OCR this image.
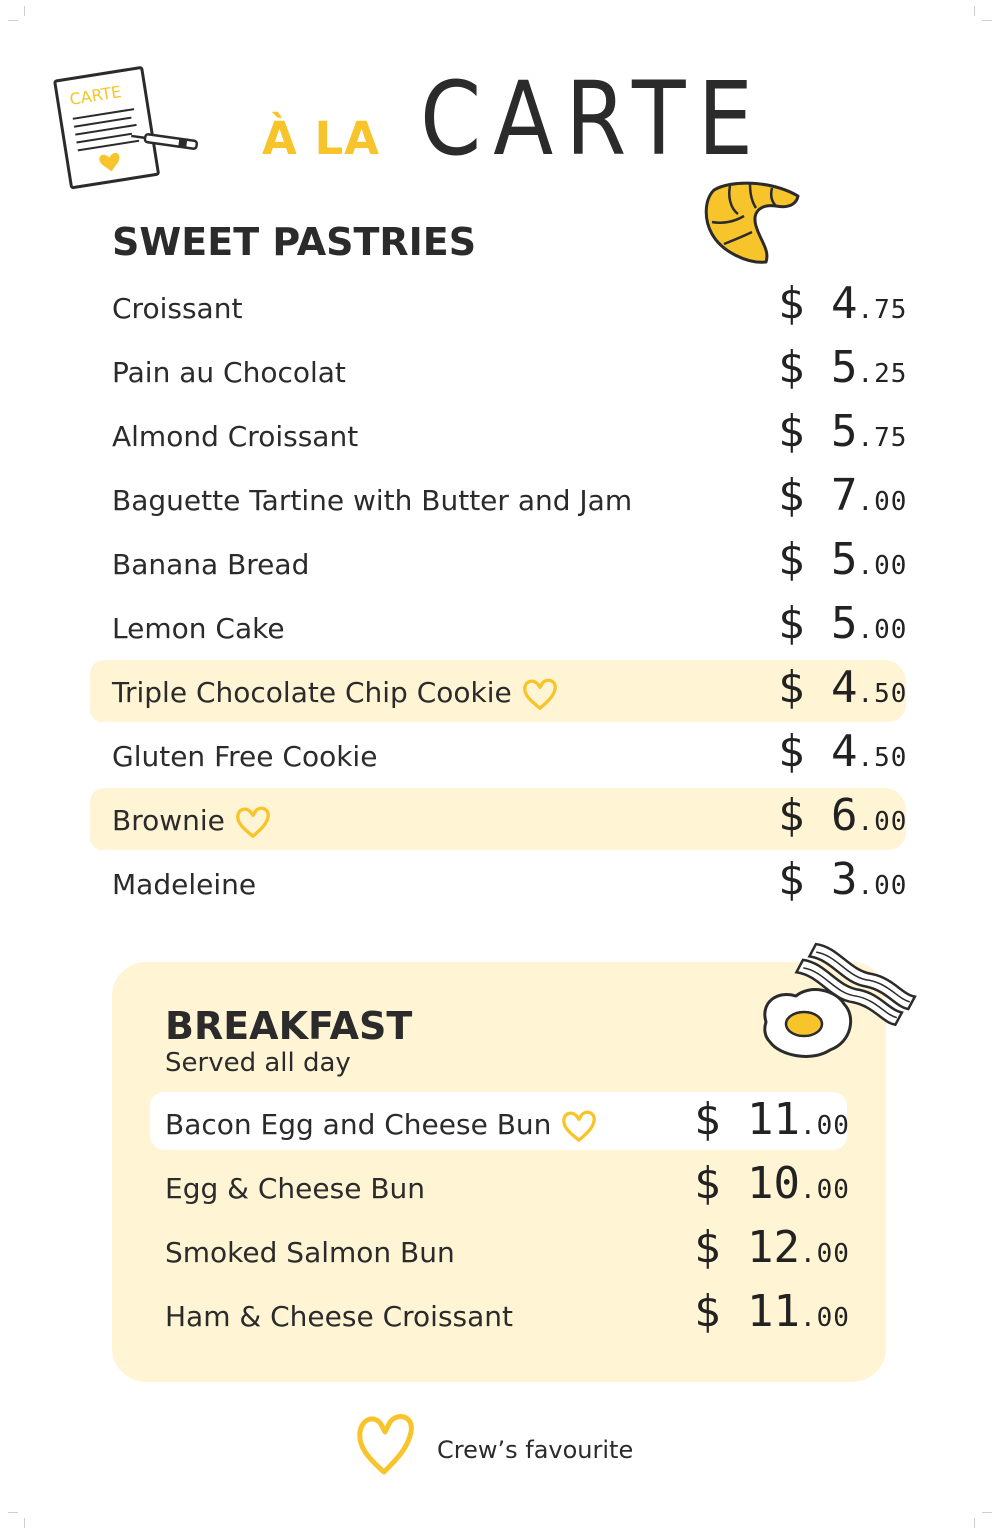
CARTE
À LA CARTE
SWEET PASTRIES
Croissant	$ 4.75
Pain au Chocolat	$ 5.25
Almond Croissant	$ 5.75
Baguette Tartine with Butter and Jam	$ 7.00
Banana Bread	$ 5.00
Lemon Cake	$ 5.00
Triple Chocolate Chip Cookie	$ 4.50
Gluten Free Cookie	$ 4.50
Brownie	$ 6.00
Madeleine	$ 3.00
BREAKFAST
Served all day
Bacon Egg and Cheese Bun	$ 11.00
Egg & Cheese Bun	$ 10.00
Smoked Salmon Bun	$ 12.00
Ham & Cheese Croissant	$ 11.00
Crew’s favourite
